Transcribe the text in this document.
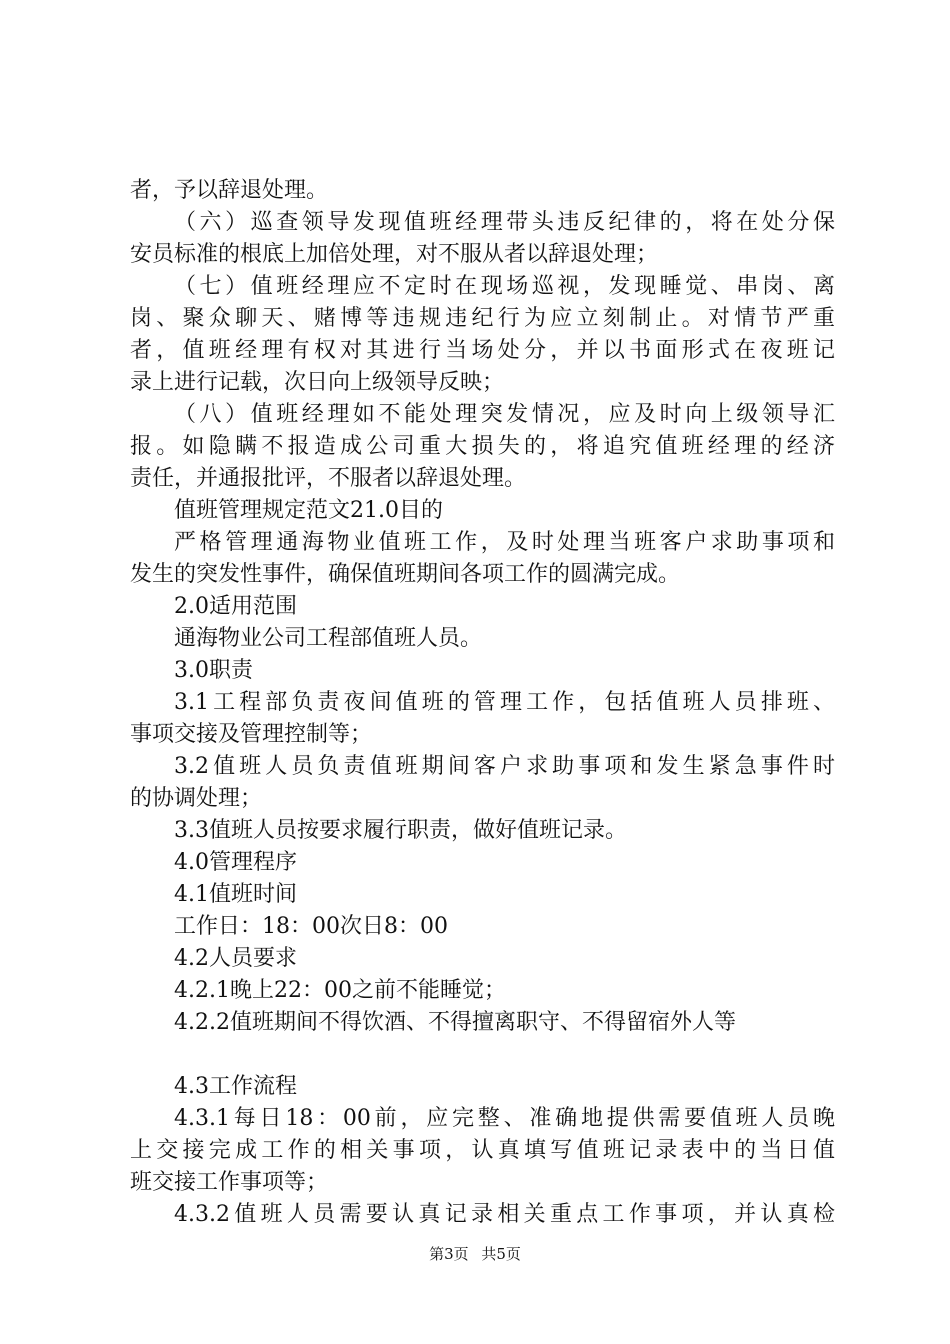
者，予以辞退处理。
（六）巡查领导发现值班经理带头违反纪律的，将在处分保
安员标准的根底上加倍处理，对不服从者以辞退处理；
（七）值班经理应不定时在现场巡视，发现睡觉、串岗、离
岗、聚众聊天、赌博等违规违纪行为应立刻制止。对情节严重
者，值班经理有权对其进行当场处分，并以书面形式在夜班记
录上进行记载，次日向上级领导反映；
（八）值班经理如不能处理突发情况，应及时向上级领导汇
报。如隐瞒不报造成公司重大损失的，将追究值班经理的经济
责任，并通报批评，不服者以辞退处理。
值班管理规定范文21.0目的
严格管理通海物业值班工作，及时处理当班客户求助事项和
发生的突发性事件，确保值班期间各项工作的圆满完成。
2.0适用范围
通海物业公司工程部值班人员。
3.0职责
3.1工程部负责夜间值班的管理工作，包括值班人员排班、
事项交接及管理控制等；
3.2值班人员负责值班期间客户求助事项和发生紧急事件时
的协调处理；
3.3值班人员按要求履行职责，做好值班记录。
4.0管理程序
4.1值班时间
工作日：18：00次日8：00
4.2人员要求
4.2.1晚上22：00之前不能睡觉；
4.2.2值班期间不得饮酒、不得擅离职守、不得留宿外人等
4.3工作流程
4.3.1每日18：00前，应完整、准确地提供需要值班人员晚
上交接完成工作的相关事项，认真填写值班记录表中的当日值
班交接工作事项等；
4.3.2值班人员需要认真记录相关重点工作事项，并认真检
第3页 共5页
